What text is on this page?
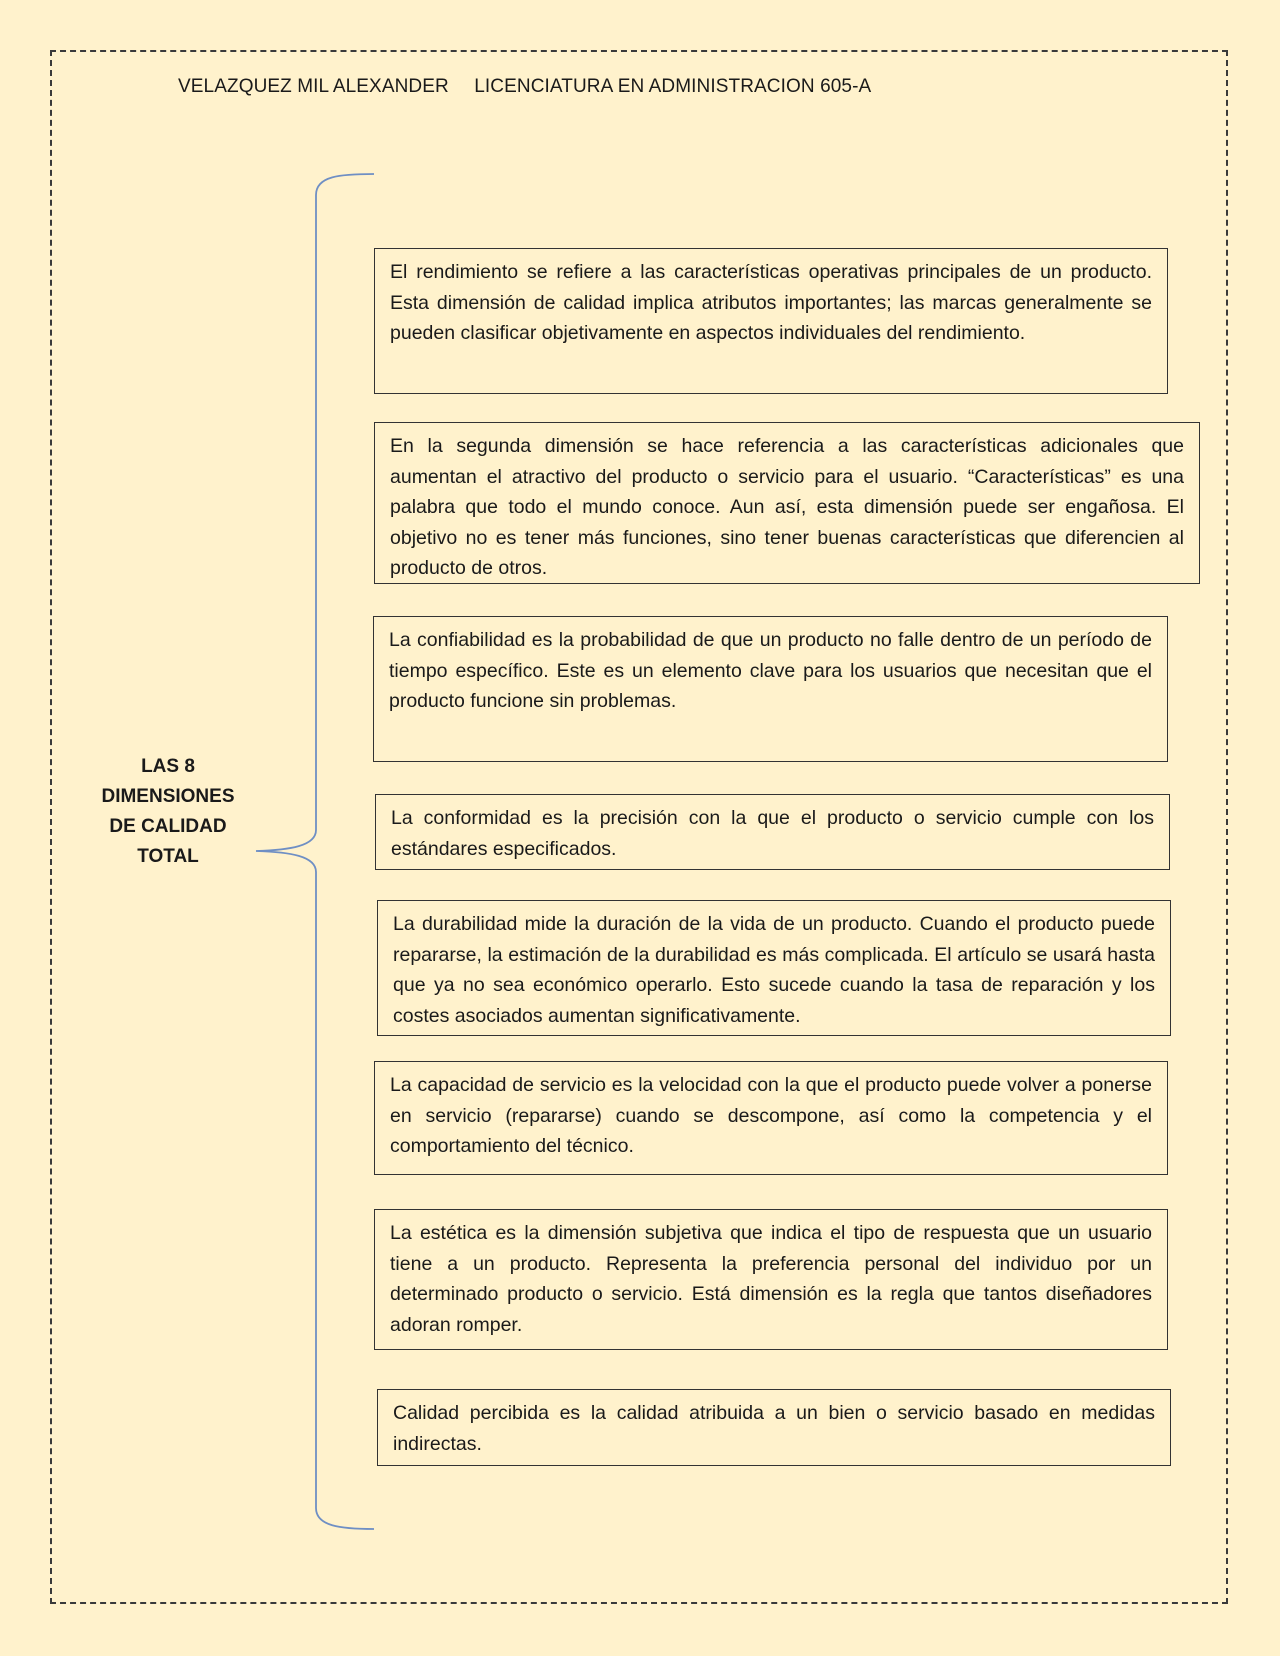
VELAZQUEZ MIL ALEXANDER LICENCIATURA EN ADMINISTRACION 605-A
LAS 8 DIMENSIONES DE CALIDAD TOTAL
El rendimiento se refiere a las características operativas principales de un producto. Esta dimensión de calidad implica atributos importantes; las marcas generalmente se pueden clasificar objetivamente en aspectos individuales del rendimiento.
En la segunda dimensión se hace referencia a las características adicionales que aumentan el atractivo del producto o servicio para el usuario. “Características” es una palabra que todo el mundo conoce. Aun así, esta dimensión puede ser engañosa. El objetivo no es tener más funciones, sino tener buenas características que diferencien al producto de otros.
La confiabilidad es la probabilidad de que un producto no falle dentro de un período de tiempo específico. Este es un elemento clave para los usuarios que necesitan que el producto funcione sin problemas.
La conformidad es la precisión con la que el producto o servicio cumple con los estándares especificados.
La durabilidad mide la duración de la vida de un producto. Cuando el producto puede repararse, la estimación de la durabilidad es más complicada. El artículo se usará hasta que ya no sea económico operarlo. Esto sucede cuando la tasa de reparación y los costes asociados aumentan significativamente.
La capacidad de servicio es la velocidad con la que el producto puede volver a ponerse en servicio (repararse) cuando se descompone, así como la competencia y el comportamiento del técnico.
La estética es la dimensión subjetiva que indica el tipo de respuesta que un usuario tiene a un producto. Representa la preferencia personal del individuo por un determinado producto o servicio. Está dimensión es la regla que tantos diseñadores adoran romper.
Calidad percibida es la calidad atribuida a un bien o servicio basado en medidas indirectas.
